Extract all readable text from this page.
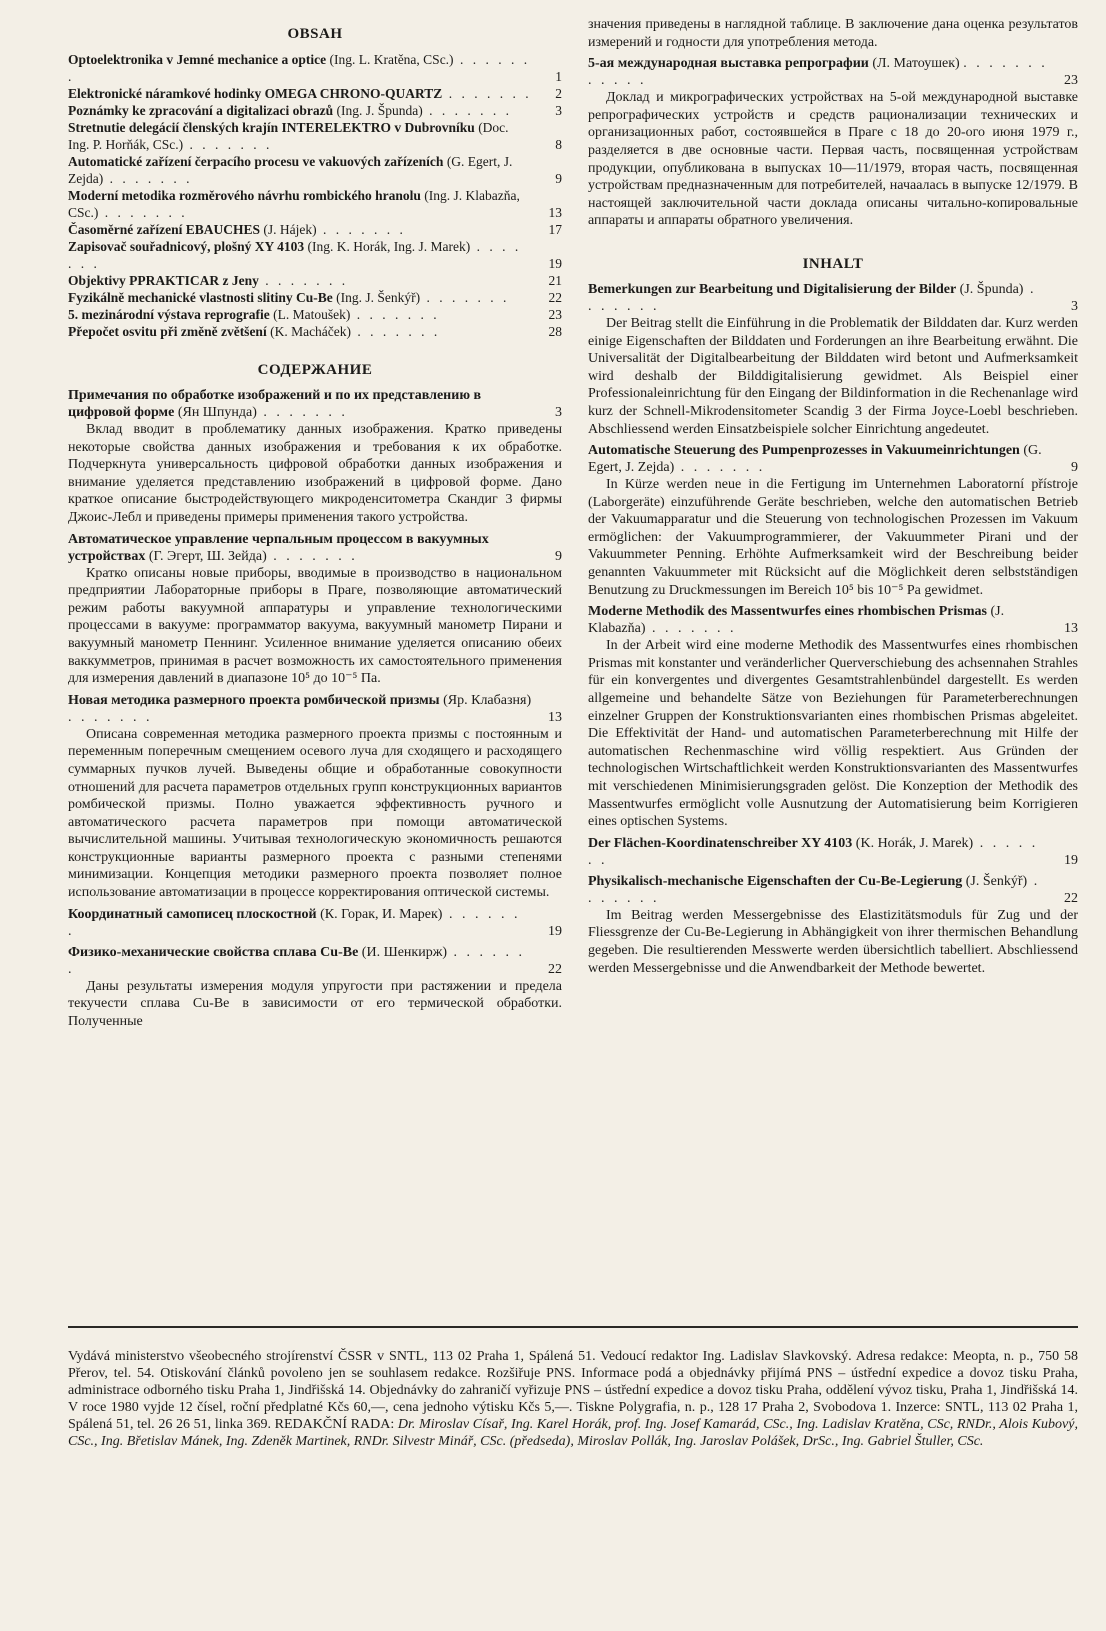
OBSAH
Optoelektronika v Jemné mechanice a optice (Ing. L. Kratěna, CSc.) . . . . . . .	1
Elektronické náramkové hodinky OMEGA CHRONO-QUARTZ . . . . . . . 2
Poznámky ke zpracování a digitalizaci obrazů (Ing. J. Špunda) . . . . . . .	3
Stretnutie delegácií členských krajín INTERELEKTRO v Dubrovníku (Doc. Ing. P. Horňák, CSc.) . . . . . . .	8
Automatické zařízení čerpacího procesu ve vakuových zařízeních (G. Egert, J. Zejda) . . . . . . .	9
Moderní metodika rozměrového návrhu rombického hranolu (Ing. J. Klabazňa, CSc.) . . . . . . .	13
Časoměrné zařízení EBAUCHES (J. Hájek) . . . . . . .	17
Zapisovač souřadnicový, plošný XY 4103 (Ing. K. Horák, Ing. J. Marek) . . . . . . .	19
Objektivy PPRAKTICAR z Jeny . . . . . . .	21
Fyzikálně mechanické vlastnosti slitiny Cu-Be (Ing. J. Šenkýř) . . . . . . .	22
5. mezinárodní výstava reprografie (L. Matoušek) . . . . . . .	23
Přepočet osvitu při změně zvětšení (K. Macháček) . . . . . . .	28
СОДЕРЖАНИЕ
Примечания по обработке изображений и по их представлению в цифровой форме (Ян Шпунда) . . . . . . .	3

Вклад вводит в проблематику данных изображения. Кратко приведены некоторые свойства данных изображения и требования к их обработке. Подчеркнута универсальность цифровой обработки данных изображения и внимание уделяется представлению изображений в цифровой форме. Дано краткое описание быстродействующего микроденситометра Скандиг 3 фирмы Джоис-Лебл и приведены примеры применения такого устройства.

Автоматическое управление черпальным процессом в вакуумных устройствах (Г. Эгерт, Ш. Зейда) . . . . . . .	9

Кратко описаны новые приборы, вводимые в производство в национальном предприятии Лабораторные приборы в Праге, позволяющие автоматический режим работы вакуумной аппаратуры и управление технологическими процессами в вакууме: программатор вакуума, вакуумный манометр Пирани и вакуумный манометр Пеннинг. Усиленное внимание уделяется описанию обеих ваккумметров, принимая в расчет возможность их самостоятельного применения для измерения давлений в диапазоне 10⁵ до 10⁻⁵ Па.

Новая методика размерного проекта ромбической призмы (Яр. Клабазня) . . . . . . .	13

Описана современная методика размерного проекта призмы с постоянным и переменным поперечным смещением осевого луча для сходящего и расходящего суммарных пучков лучей. Выведены общие и обработанные совокупности отношений для расчета параметров отдельных групп конструкционных вариантов ромбической призмы. Полно уважается эффективность ручного и автоматического расчета параметров при помощи автоматической вычислительной машины. Учитывая технологическую экономичность решаются конструкционные варианты размерного проекта с разными степенями минимизации. Концепция методики размерного проекта позволяет полное использование автоматизации в процессе корректирования оптической системы.

Координатный самописец плоскостной (К. Горак, И. Марек) . . . . . . .	19
Физико-механические свойства сплава Cu-Be (И. Шенкирж) . . . . . . .	22

Даны результаты измерения модуля упругости при растяжении и предела текучести сплава Cu-Be в зависимости от его термической обработки. Полученные

значения приведены в наглядной таблице. В заключение дана оценка результатов измерений и годности для употребления метода.

5-ая международная выставка репрографии (Л. Матоушек) . . . . . . . . . . . .	23

Доклад и микрографических устройствах на 5-ой международной выставке репрографических устройств и средств рационализации технических и организационных работ, состоявшейся в Праге с 18 до 20-ого июня 1979 г., разделяется в две основные части. Первая часть, посвященная устройствам продукции, опубликована в выпусках 10—11/1979, вторая часть, посвященная устройствам предназначенным для потребителей, начаалась в выпуске 12/1979. В настоящей заключительной части доклада описаны читально-копировальные аппараты и аппараты обратного увеличения.

INHALT
Bemerkungen zur Bearbeitung und Digitalisierung der Bilder (J. Špunda) . . . . . . .	3

Der Beitrag stellt die Einführung in die Problematik der Bilddaten dar. Kurz werden einige Eigenschaften der Bilddaten und Forderungen an ihre Bearbeitung erwähnt. Die Universalität der Digitalbearbeitung der Bilddaten wird betont und Aufmerksamkeit wird deshalb der Bilddigitalisierung gewidmet. Als Beispiel einer Professionaleinrichtung für den Eingang der Bildinformation in die Rechenanlage wird kurz der Schnell-Mikrodensitometer Scandig 3 der Firma Joyce-Loebl beschrieben. Abschliessend werden Einsatzbeispiele solcher Einrichtung angedeutet.

Automatische Steuerung des Pumpenprozesses in Vakuumeinrichtungen (G. Egert, J. Zejda) . . . . . . .	9

In Kürze werden neue in die Fertigung im Unternehmen Laboratorní přístroje (Laborgeräte) einzuführende Geräte beschrieben, welche den automatischen Betrieb der Vakuumapparatur und die Steuerung von technologischen Prozessen im Vakuum ermöglichen: der Vakuumprogrammierer, der Vakuummeter Pirani und der Vakuummeter Penning. Erhöhte Aufmerksamkeit wird der Beschreibung beider genannten Vakuummeter mit Rücksicht auf die Möglichkeit deren selbstständigen Benutzung zu Druckmessungen im Bereich 10⁵ bis 10⁻⁵ Pa gewidmet.

Moderne Methodik des Massentwurfes eines rhombischen Prismas (J. Klabazňa) . . . . . . .	13

In der Arbeit wird eine moderne Methodik des Massentwurfes eines rhombischen Prismas mit konstanter und veränderlicher Querverschiebung des achsennahen Strahles für ein konvergentes und divergentes Gesamtstrahlenbündel dargestellt. Es werden allgemeine und behandelte Sätze von Beziehungen für Parameterberechnungen einzelner Gruppen der Konstruktionsvarianten eines rhombischen Prismas abgeleitet. Die Effektivität der Hand- und automatischen Parameterberechnung mit Hilfe der automatischen Rechenmaschine wird völlig respektiert. Aus Gründen der technologischen Wirtschaftlichkeit werden Konstruktionsvarianten des Massentwurfes mit verschiedenen Minimisierungsgraden gelöst. Die Konzeption der Methodik des Massentwurfes ermöglicht volle Ausnutzung der Automatisierung beim Korrigieren eines optischen Systems.

Der Flächen-Koordinatenschreiber XY 4103 (K. Horák, J. Marek) . . . . . . .	19
Physikalisch-mechanische Eigenschaften der Cu-Be-Legierung (J. Šenkýř) . . . . . . .	22

Im Beitrag werden Messergebnisse des Elastizitätsmoduls für Zug und der Fliessgrenze der Cu-Be-Legierung in Abhängigkeit von ihrer thermischen Behandlung gegeben. Die resultierenden Messwerte werden übersichtlich tabelliert. Abschliessend werden Messergebnisse und die Anwendbarkeit der Methode bewertet.

Vydává ministerstvo všeobecného strojírenství ČSSR v SNTL, 113 02 Praha 1, Spálená 51. Vedoucí redaktor Ing. Ladislav Slavkovský. Adresa redakce: Meopta, n. p., 750 58 Přerov, tel. 54. Otiskování článků povoleno jen se souhlasem redakce. Rozšiřuje PNS. Informace podá a objednávky přijímá PNS – ústřední expedice a dovoz tisku Praha, administrace odborného tisku Praha 1, Jindřišská 14. Objednávky do zahraničí vyřizuje PNS – ústřední expedice a dovoz tisku Praha, oddělení vývoz tisku, Praha 1, Jindřišská 14. V roce 1980 vyjde 12 čísel, roční předplatné Kčs 60,—, cena jednoho výtisku Kčs 5,—. Tiskne Polygrafia, n. p., 128 17 Praha 2, Svobodova 1. Inzerce: SNTL, 113 02 Praha 1, Spálená 51, tel. 26 26 51, linka 369. REDAKČNÍ RADA: Dr. Miroslav Císař, Ing. Karel Horák, prof. Ing. Josef Kamarád, CSc., Ing. Ladislav Kratěna, CSc, RNDr., Alois Kubový, CSc., Ing. Břetislav Mánek, Ing. Zdeněk Martinek, RNDr. Silvestr Minář, CSc. (předseda), Miroslav Pollák, Ing. Jaroslav Polášek, DrSc., Ing. Gabriel Štuller, CSc.
